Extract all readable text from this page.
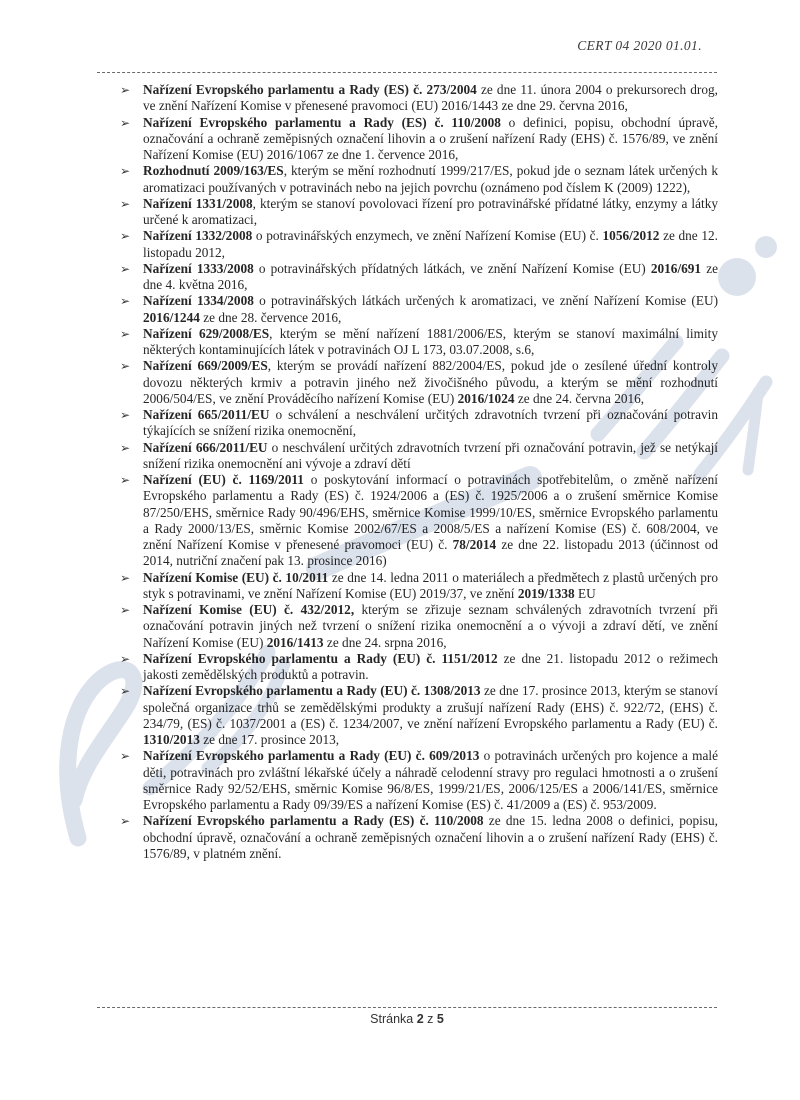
CERT 04 2020 01.01.
➢ Nařízení Evropského parlamentu a Rady (ES) č. 273/2004 ze dne 11. února 2004 o prekursorech drog, ve znění Nařízení Komise v přenesené pravomoci (EU) 2016/1443 ze dne 29. června 2016,
➢ Nařízení Evropského parlamentu a Rady (ES) č. 110/2008 o definici, popisu, obchodní úpravě, označování a ochraně zeměpisných označení lihovin a o zrušení nařízení Rady (EHS) č. 1576/89, ve znění Nařízení Komise (EU) 2016/1067 ze dne 1. července 2016,
➢ Rozhodnutí 2009/163/ES, kterým se mění rozhodnutí 1999/217/ES, pokud jde o seznam látek určených k aromatizaci používaných v potravinách nebo na jejich povrchu (oznámeno pod číslem K (2009) 1222),
➢ Nařízení 1331/2008, kterým se stanoví povolovaci řízení pro potravinářské přídatné látky, enzymy a látky určené k aromatizaci,
➢ Nařízení 1332/2008 o potravinářských enzymech, ve znění Nařízení Komise (EU) č. 1056/2012 ze dne 12. listopadu 2012,
➢ Nařízení 1333/2008 o potravinářských přídatných látkách, ve znění Nařízení Komise (EU) 2016/691 ze dne 4. května 2016,
➢ Nařízení 1334/2008 o potravinářských látkách určených k aromatizaci, ve znění Nařízení Komise (EU) 2016/1244 ze dne 28. července 2016,
➢ Nařízení 629/2008/ES, kterým se mění nařízení 1881/2006/ES, kterým se stanoví maximální limity některých kontaminujících látek v potravinách OJ L 173, 03.07.2008, s.6,
➢ Nařízení 669/2009/ES, kterým se provádí nařízení 882/2004/ES, pokud jde o zesílené úřední kontroly dovozu některých krmiv a potravin jiného než živočišného původu, a kterým se mění rozhodnutí 2006/504/ES, ve znění Prováděcího nařízení Komise (EU) 2016/1024 ze dne 24. června 2016,
➢ Nařízení 665/2011/EU o schválení a neschválení určitých zdravotních tvrzení při označování potravin týkajících se snížení rizika onemocnění,
➢ Nařízení 666/2011/EU o neschválení určitých zdravotních tvrzení při označování potravin, jež se netýkají snížení rizika onemocnění ani vývoje a zdraví dětí
➢ Nařízení (EU) č. 1169/2011 o poskytování informací o potravinách spotřebitelům, o změně nařízení Evropského parlamentu a Rady (ES) č. 1924/2006 a (ES) č. 1925/2006 a o zrušení směrnice Komise 87/250/EHS, směrnice Rady 90/496/EHS, směrnice Komise 1999/10/ES, směrnice Evropského parlamentu a Rady 2000/13/ES, směrnic Komise 2002/67/ES a 2008/5/ES a nařízení Komise (ES) č. 608/2004, ve znění Nařízení Komise v přenesené pravomoci (EU) č. 78/2014 ze dne 22. listopadu 2013 (účinnost od 2014, nutriční značení pak 13. prosince 2016)
➢ Nařízení Komise (EU) č. 10/2011 ze dne 14. ledna 2011 o materiálech a předmětech z plastů určených pro styk s potravinami, ve znění Nařízení Komise (EU) 2019/37, ve znění 2019/1338 EU
➢ Nařízení Komise (EU) č. 432/2012, kterým se zřizuje seznam schválených zdravotních tvrzení při označování potravin jiných než tvrzení o snížení rizika onemocnění a o vývoji a zdraví dětí, ve znění Nařízení Komise (EU) 2016/1413 ze dne 24. srpna 2016,
➢ Nařízení Evropského parlamentu a Rady (EU) č. 1151/2012 ze dne 21. listopadu 2012 o režimech jakosti zemědělských produktů a potravin.
➢ Nařízení Evropského parlamentu a Rady (EU) č. 1308/2013 ze dne 17. prosince 2013, kterým se stanoví společná organizace trhů se zemědělskými produkty a zrušují nařízení Rady (EHS) č. 922/72, (EHS) č. 234/79, (ES) č. 1037/2001 a (ES) č. 1234/2007, ve znění nařízení Evropského parlamentu a Rady (EU) č. 1310/2013 ze dne 17. prosince 2013,
➢ Nařízení Evropského parlamentu a Rady (EU) č. 609/2013 o potravinách určených pro kojence a malé děti, potravinách pro zvláštní lékařské účely a náhradě celodenní stravy pro regulaci hmotnosti a o zrušení směrnice Rady 92/52/EHS, směrnic Komise 96/8/ES, 1999/21/ES, 2006/125/ES a 2006/141/ES, směrnice Evropského parlamentu a Rady 09/39/ES a nařízení Komise (ES) č. 41/2009 a (ES) č. 953/2009.
➢ Nařízení Evropského parlamentu a Rady (ES) č. 110/2008 ze dne 15. ledna 2008 o definici, popisu, obchodní úpravě, označování a ochraně zeměpisných označení lihovin a o zrušení nařízení Rady (EHS) č. 1576/89, v platném znění.
Stránka 2 z 5
